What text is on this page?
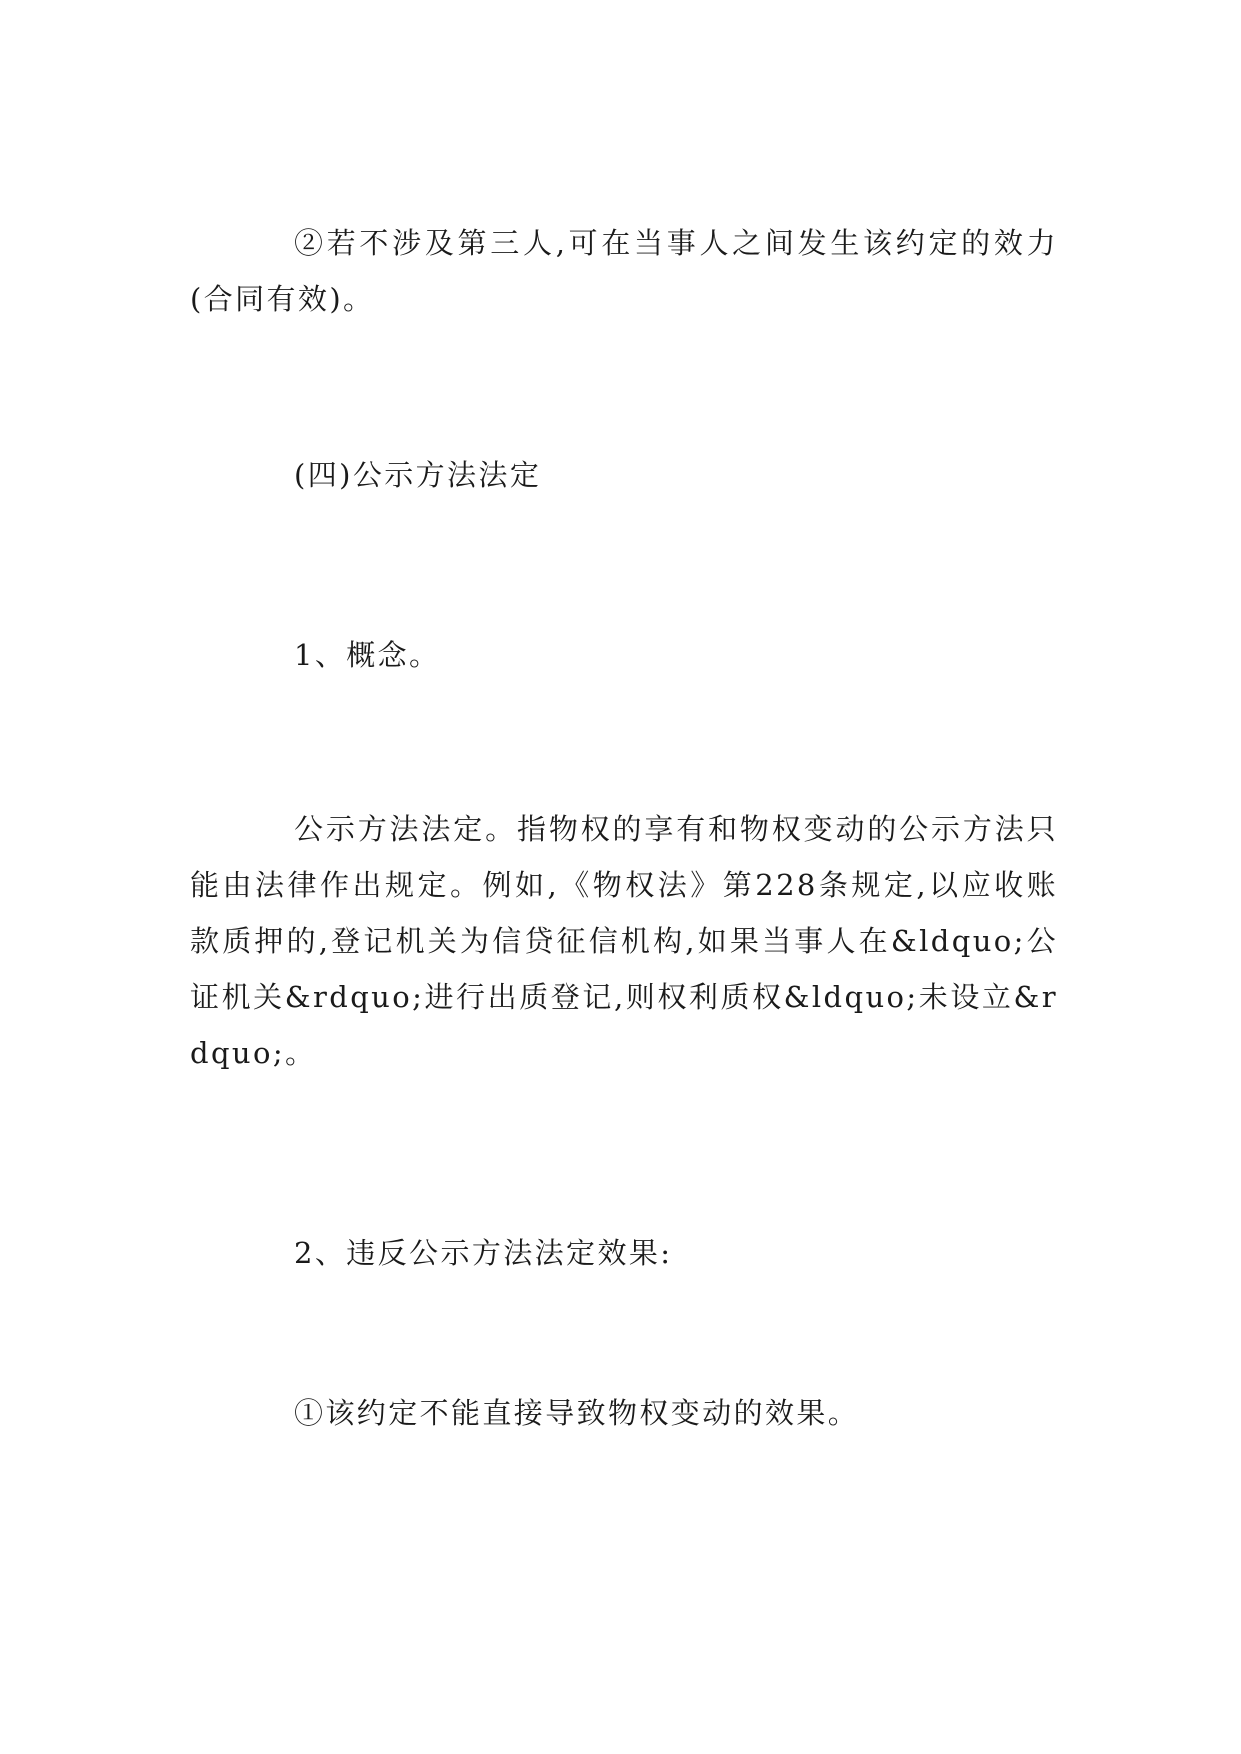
②若不涉及第三人,可在当事人之间发生该约定的效力(合同有效)。

(四)公示方法法定

1、概念。

公示方法法定。指物权的享有和物权变动的公示方法只能由法律作出规定。例如,《物权法》第228条规定,以应收账款质押的,登记机关为信贷征信机构,如果当事人在&ldquo;公证机关&rdquo;进行出质登记,则权利质权&ldquo;未设立&rdquo;。

2、违反公示方法法定效果:

①该约定不能直接导致物权变动的效果。
